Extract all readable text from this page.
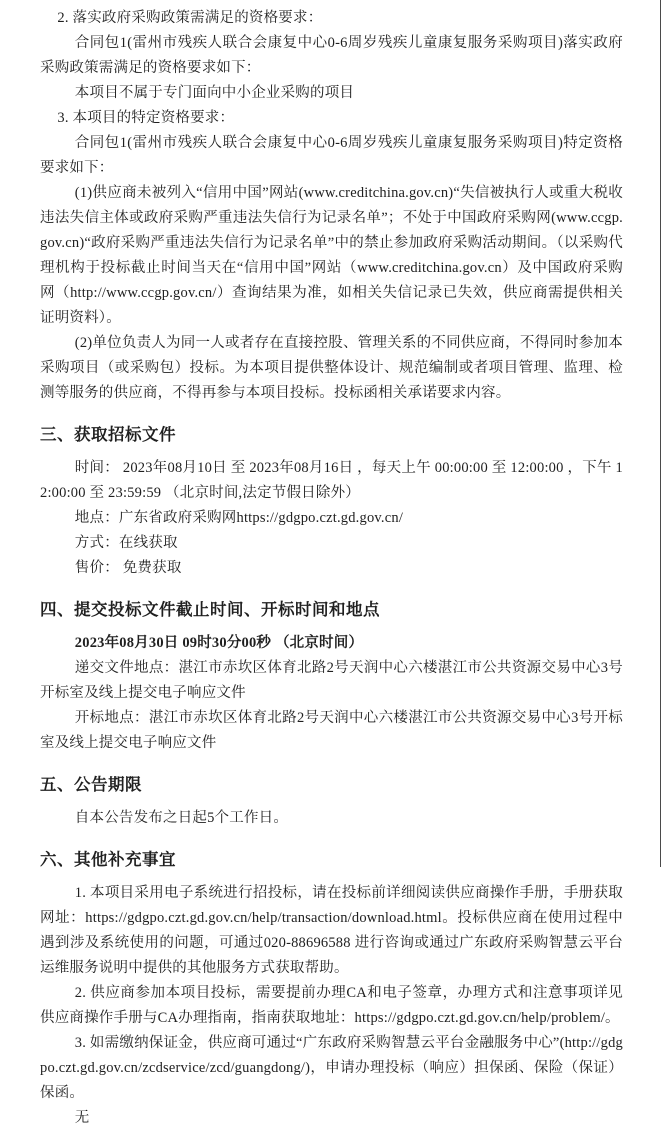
2. 落实政府采购政策需满足的资格要求：
合同包1(雷州市残疾人联合会康复中心0-6周岁残疾儿童康复服务采购项目)落实政府采购政策需满足的资格要求如下：
本项目不属于专门面向中小企业采购的项目
3. 本项目的特定资格要求：
合同包1(雷州市残疾人联合会康复中心0-6周岁残疾儿童康复服务采购项目)特定资格要求如下：
(1)供应商未被列入“信用中国”网站(www.creditchina.gov.cn)“失信被执行人或重大税收违法失信主体或政府采购严重违法失信行为记录名单”；不处于中国政府采购网(www.ccgp.gov.cn)“政府采购严重违法失信行为记录名单”中的禁止参加政府采购活动期间。（以采购代理机构于投标截止时间当天在“信用中国”网站（www.creditchina.gov.cn）及中国政府采购网（http://www.ccgp.gov.cn/）查询结果为准，如相关失信记录已失效，供应商需提供相关证明资料）。
(2)单位负责人为同一人或者存在直接控股、管理关系的不同供应商，不得同时参加本采购项目（或采购包）投标。为本项目提供整体设计、规范编制或者项目管理、监理、检测等服务的供应商，不得再参与本项目投标。投标函相关承诺要求内容。
三、获取招标文件
时间： 2023年08月10日 至 2023年08月16日 ，每天上午 00:00:00 至 12:00:00 ，下午 12:00:00 至 23:59:59 （北京时间,法定节假日除外）
地点：广东省政府采购网https://gdgpo.czt.gd.gov.cn/
方式：在线获取
售价： 免费获取
四、提交投标文件截止时间、开标时间和地点
2023年08月30日 09时30分00秒 （北京时间）
递交文件地点：湛江市赤坎区体育北路2号天润中心六楼湛江市公共资源交易中心3号开标室及线上提交电子响应文件
开标地点：湛江市赤坎区体育北路2号天润中心六楼湛江市公共资源交易中心3号开标室及线上提交电子响应文件
五、公告期限
自本公告发布之日起5个工作日。
六、其他补充事宜
1. 本项目采用电子系统进行招投标，请在投标前详细阅读供应商操作手册，手册获取网址：https://gdgpo.czt.gd.gov.cn/help/transaction/download.html。投标供应商在使用过程中遇到涉及系统使用的问题，可通过020-88696588 进行咨询或通过广东政府采购智慧云平台运维服务说明中提供的其他服务方式获取帮助。
2. 供应商参加本项目投标，需要提前办理CA和电子签章，办理方式和注意事项详见供应商操作手册与CA办理指南，指南获取地址：https://gdgpo.czt.gd.gov.cn/help/problem/。
3. 如需缴纳保证金，供应商可通过“广东政府采购智慧云平台金融服务中心”(http://gdgpo.czt.gd.gov.cn/zcdservice/zcd/guangdong/)，申请办理投标（响应）担保函、保险（保证）保函。
无
